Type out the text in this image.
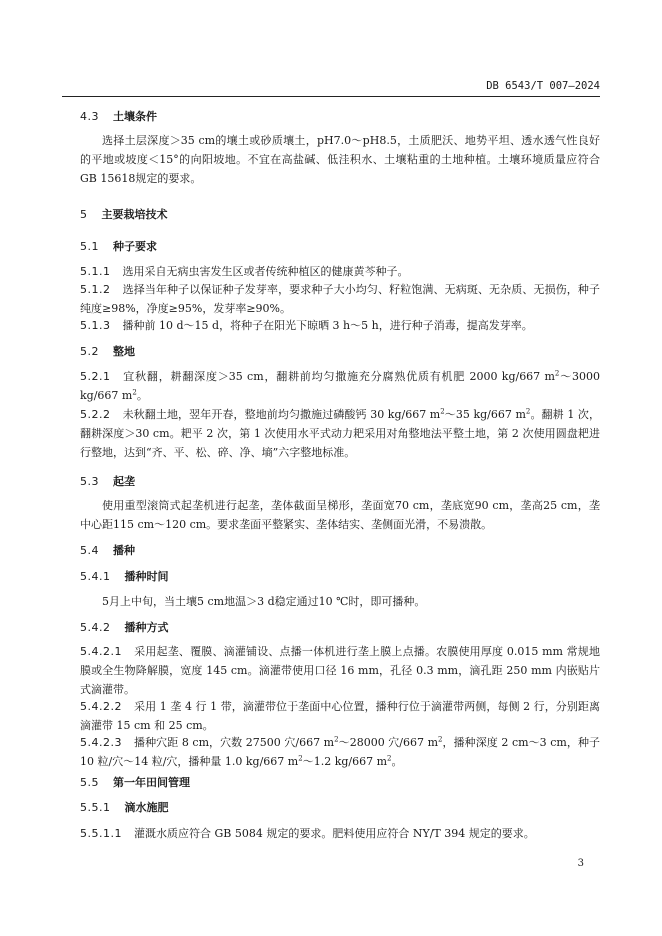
DB 6543/T 007—2024
4.3 土壤条件
选择土层深度＞35 cm的壤土或砂质壤土，pH7.0～pH8.5，土质肥沃、地势平坦、透水透气性良好的平地或坡度＜15°的向阳坡地。不宜在高盐碱、低洼积水、土壤粘重的土地种植。土壤环境质量应符合GB 15618规定的要求。
5 主要栽培技术
5.1 种子要求
5.1.1 选用采自无病虫害发生区或者传统种植区的健康黄芩种子。
5.1.2 选择当年种子以保证种子发芽率，要求种子大小均匀、籽粒饱满、无病斑、无杂质、无损伤，种子纯度≥98%，净度≥95%，发芽率≥90%。
5.1.3 播种前 10 d～15 d，将种子在阳光下晾晒 3 h～5 h，进行种子消毒，提高发芽率。
5.2 整地
5.2.1 宜秋翻，耕翻深度＞35 cm，翻耕前均匀撒施充分腐熟优质有机肥 2000 kg/667 $m^2\sim 3000$ kg/667 $m^2$。
5.2.2 未秋翻土地，翌年开春，整地前均匀撒施过磷酸钙 30 kg/667 $m^2\sim 35$ kg/667 $m^2$。翻耕 1 次，翻耕深度＞30 cm。耙平 2 次，第 1 次使用水平式动力耙采用对角整地法平整土地，第 2 次使用圆盘耙进行整地，达到“齐、平、松、碎、净、墒”六字整地标准。
5.3 起垄
使用重型滚筒式起垄机进行起垄，垄体截面呈梯形，垄面宽70 cm，垄底宽90 cm，垄高25 cm，垄中心距115 cm～120 cm。要求垄面平整紧实、垄体结实、垄侧面光滑，不易溃散。
5.4 播种
5.4.1 播种时间
5月上中旬，当土壤5 cm地温＞3 d稳定通过10 ℃时，即可播种。
5.4.2 播种方式
5.4.2.1 采用起垄、覆膜、滴灌铺设、点播一体机进行垄上膜上点播。农膜使用厚度 0.015 mm 常规地膜或全生物降解膜，宽度 145 cm。滴灌带使用口径 16 mm，孔径 0.3 mm，滴孔距 250 mm 内嵌贴片式滴灌带。
5.4.2.2 采用 1 垄 4 行 1 带，滴灌带位于垄面中心位置，播种行位于滴灌带两侧，每侧 2 行，分别距离滴灌带 15 cm 和 25 cm。
5.4.2.3 播种穴距 8 cm，穴数 27500 穴/667 $m^2\sim 28000$ 穴/667 $m^2$，播种深度 2 cm～3 cm，种子 10 粒/穴～14 粒/穴，播种量 1.0 kg/667 $m^2\sim 1.2$ kg/667 $m^2$。
5.5 第一年田间管理
5.5.1 滴水施肥
5.5.1.1 灌溉水质应符合 GB 5084 规定的要求。肥料使用应符合 NY/T 394 规定的要求。
3
